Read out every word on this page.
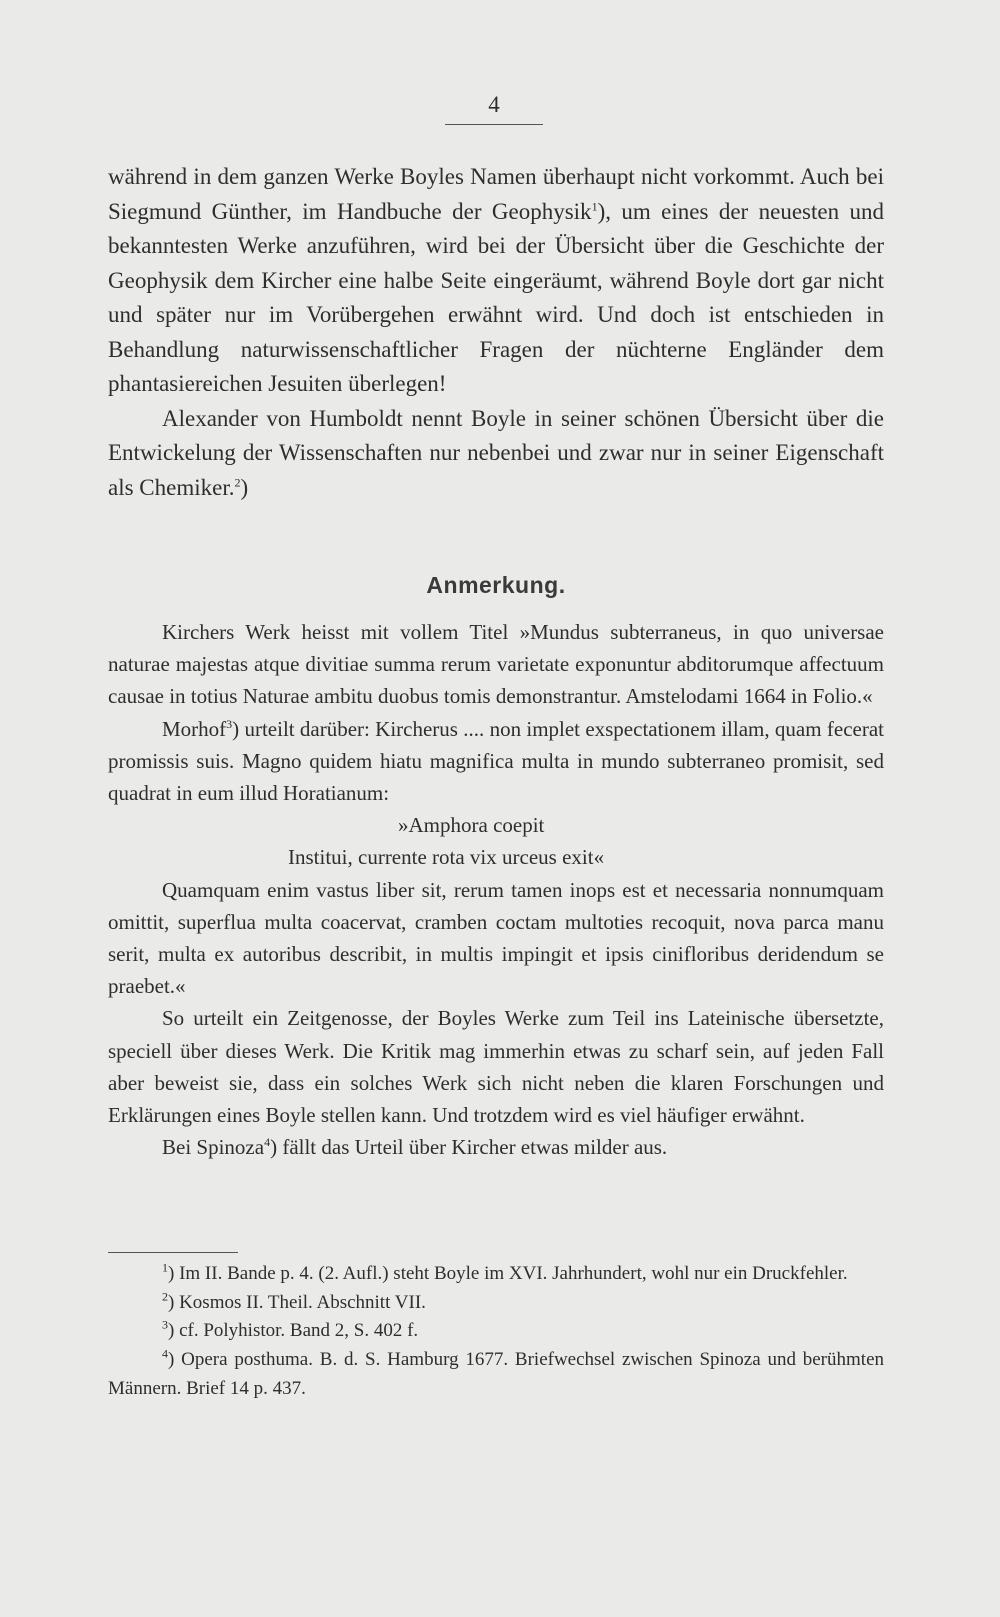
4

während in dem ganzen Werke Boyles Namen überhaupt nicht vorkommt. Auch bei Siegmund Günther, im Handbuche der Geophysik$^1$), um eines der neuesten und bekanntesten Werke anzuführen, wird bei der Übersicht über die Geschichte der Geophysik dem Kircher eine halbe Seite eingeräumt, während Boyle dort gar nicht und später nur im Vorübergehen erwähnt wird. Und doch ist entschieden in Behandlung naturwissenschaftlicher Fragen der nüchterne Engländer dem phantasiereichen Jesuiten überlegen!

Alexander von Humboldt nennt Boyle in seiner schönen Übersicht über die Entwickelung der Wissenschaften nur nebenbei und zwar nur in seiner Eigenschaft als Chemiker.$^2$)

Anmerkung.

Kirchers Werk heisst mit vollem Titel »Mundus subterraneus, in quo universae naturae majestas atque divitiae summa rerum varietate exponuntur abditorumque affectuum causae in totius Naturae ambitu duobus tomis demonstrantur. Amstelodami 1664 in Folio.«

Morhof$^3$) urteilt darüber: Kircherus .... non implet exspectationem illam, quam fecerat promissis suis. Magno quidem hiatu magnifica multa in mundo subterraneo promisit, sed quadrat in eum illud Horatianum:

»Amphora coepit

Institui, currente rota vix urceus exit«

Quamquam enim vastus liber sit, rerum tamen inops est et necessaria nonnumquam omittit, superflua multa coacervat, cramben coctam multoties recoquit, nova parca manu serit, multa ex autoribus describit, in multis impingit et ipsis cinifloribus deridendum se praebet.«

So urteilt ein Zeitgenosse, der Boyles Werke zum Teil ins Lateinische übersetzte, speciell über dieses Werk. Die Kritik mag immerhin etwas zu scharf sein, auf jeden Fall aber beweist sie, dass ein solches Werk sich nicht neben die klaren Forschungen und Erklärungen eines Boyle stellen kann. Und trotzdem wird es viel häufiger erwähnt.

Bei Spinoza$^4$) fällt das Urteil über Kircher etwas milder aus.

$^1$) Im II. Bande p. 4. (2. Aufl.) steht Boyle im XVI. Jahrhundert, wohl nur ein Druckfehler.

$^2$) Kosmos II. Theil. Abschnitt VII.

$^3$) cf. Polyhistor. Band 2, S. 402 f.

$^4$) Opera posthuma. B. d. S. Hamburg 1677. Briefwechsel zwischen Spinoza und berühmten Männern. Brief 14 p. 437.
